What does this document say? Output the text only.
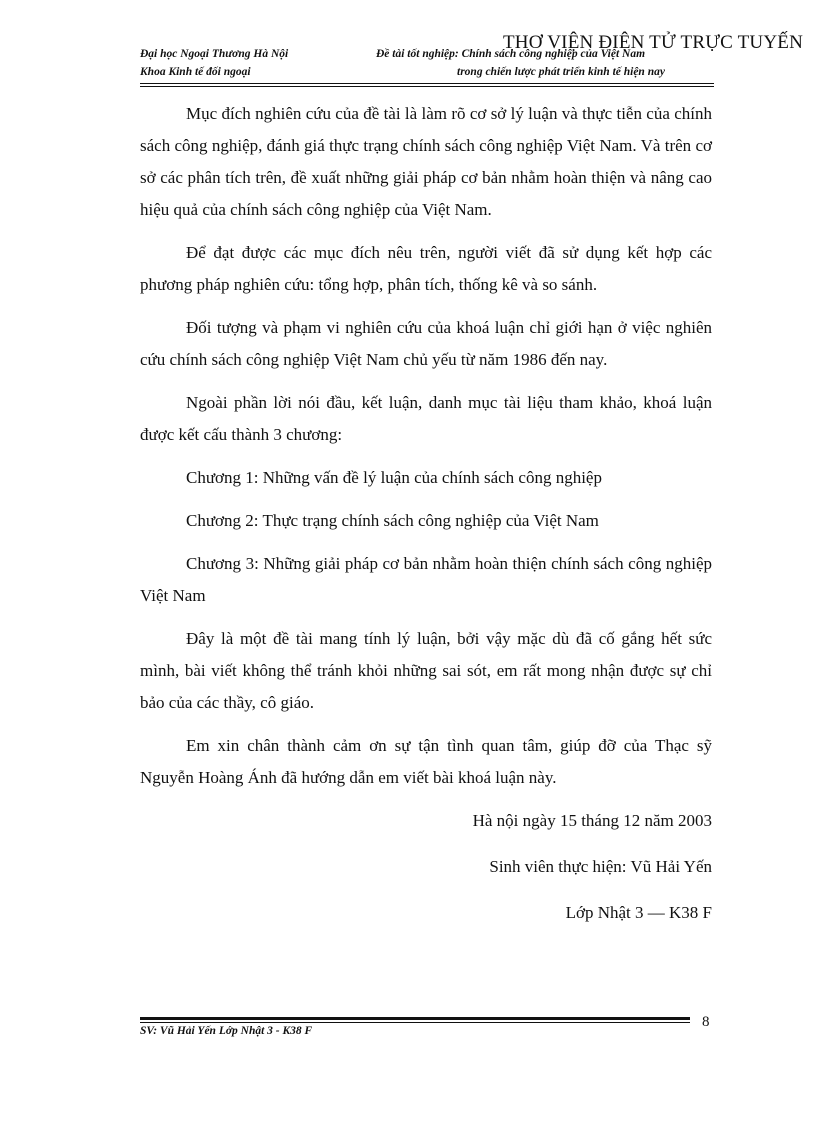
THƠ VIỆN ĐIỆN TỬ TRỰC TUYẾN
Đại học Ngoại Thương Hà Nội
Khoa Kinh tế đối ngoại
Đề tài tốt nghiệp: Chính sách công nghiệp của Việt Nam
trong chiến lược phát triển kinh tế hiện nay

Mục đích nghiên cứu của đề tài là làm rõ cơ sở lý luận và thực tiễn của chính sách công nghiệp, đánh giá thực trạng chính sách công nghiệp Việt Nam. Và trên cơ sở các phân tích trên, đề xuất những giải pháp cơ bản nhằm hoàn thiện và nâng cao hiệu quả của chính sách công nghiệp của Việt Nam.

Để đạt được các mục đích nêu trên, người viết đã sử dụng kết hợp các phương pháp nghiên cứu: tổng hợp, phân tích, thống kê và so sánh.

Đối tượng và phạm vi nghiên cứu của khoá luận chỉ giới hạn ở việc nghiên cứu chính sách công nghiệp Việt Nam chủ yếu từ năm 1986 đến nay.

Ngoài phần lời nói đầu, kết luận, danh mục tài liệu tham khảo, khoá luận được kết cấu thành 3 chương:

Chương 1: Những vấn đề lý luận của chính sách công nghiệp

Chương 2: Thực trạng chính sách công nghiệp của Việt Nam

Chương 3: Những giải pháp cơ bản nhằm hoàn thiện chính sách công nghiệp Việt Nam

Đây là một đề tài mang tính lý luận, bởi vậy mặc dù đã cố gắng hết sức mình, bài viết không thể tránh khỏi những sai sót, em rất mong nhận được sự chỉ bảo của các thầy, cô giáo.

Em xin chân thành cảm ơn sự tận tình quan tâm, giúp đỡ của Thạc sỹ Nguyễn Hoàng Ánh đã hướng dẫn em viết bài khoá luận này.

Hà nội ngày 15 tháng 12 năm 2003

Sinh viên thực hiện: Vũ Hải Yến

Lớp Nhật 3 — K38 F

SV: Vũ Hải Yến Lớp Nhật 3 - K38 F
8
